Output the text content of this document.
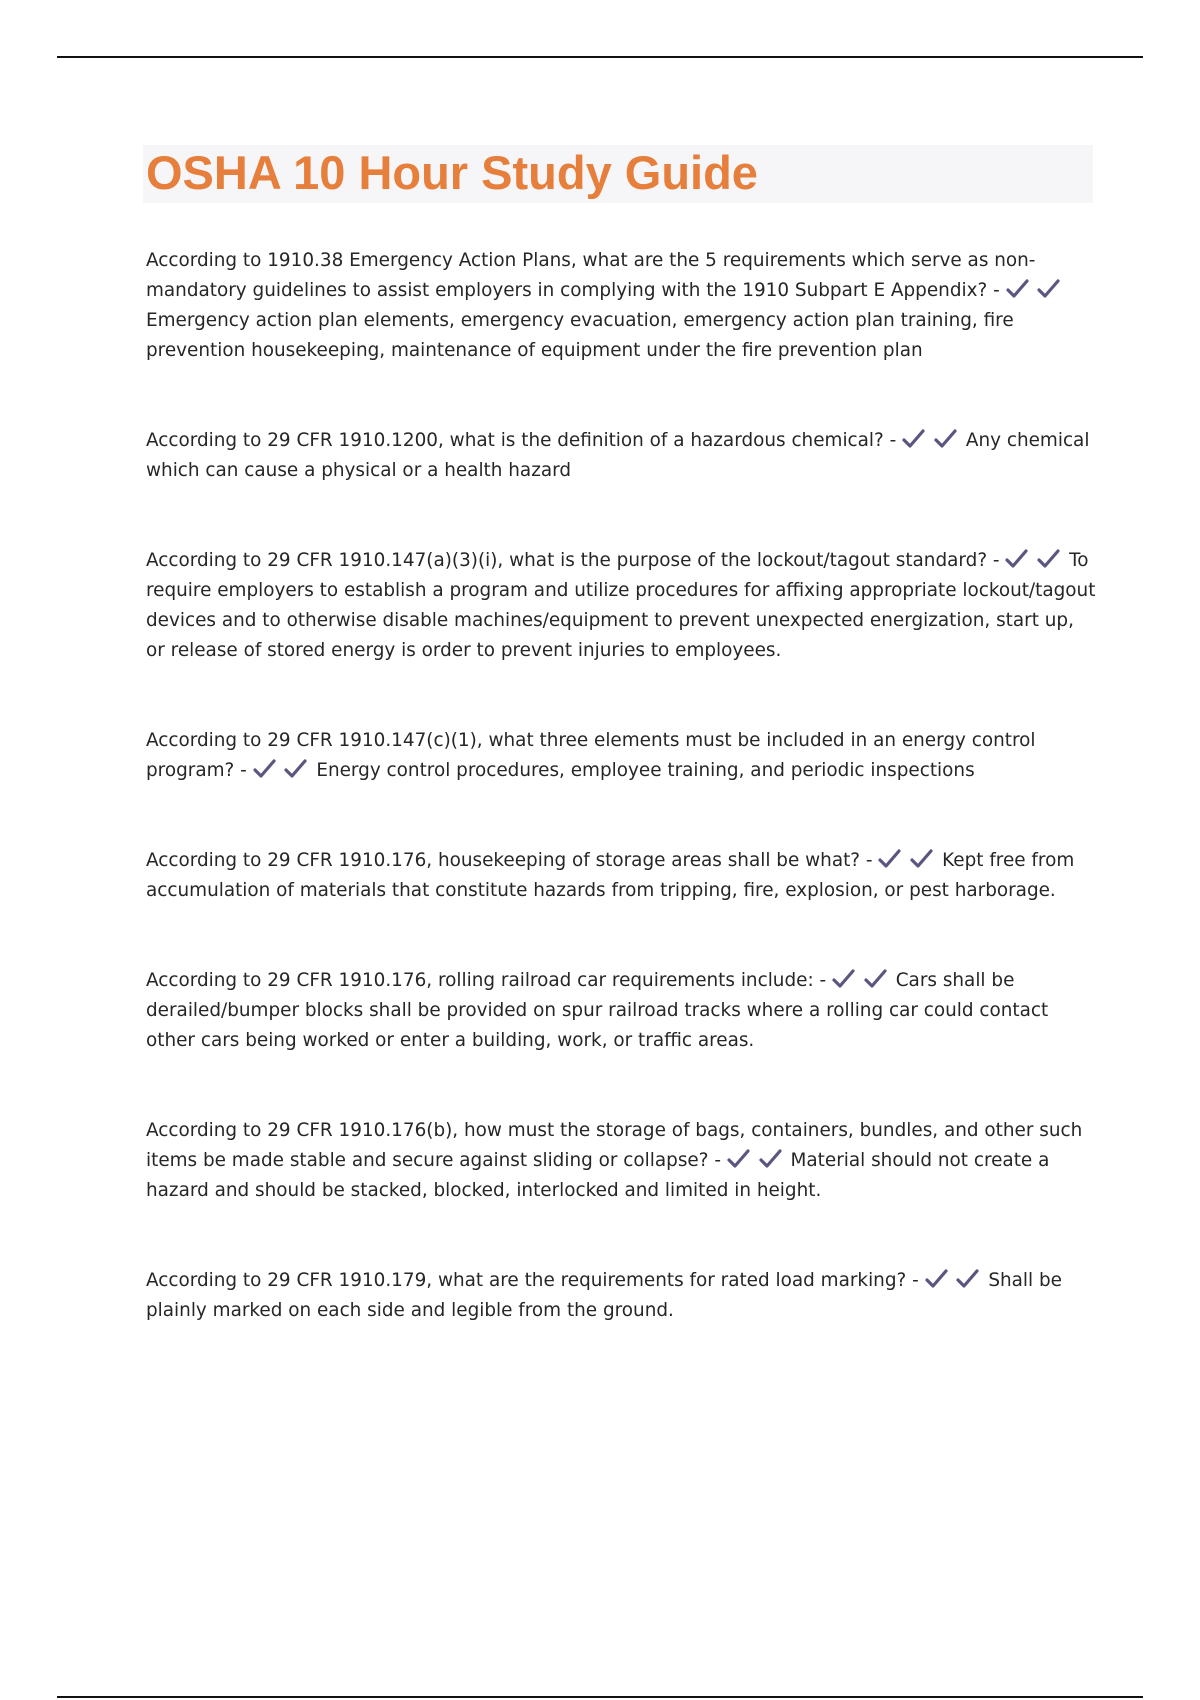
OSHA 10 Hour Study Guide

According to 1910.38 Emergency Action Plans, what are the 5 requirements which serve as non-mandatory guidelines to assist employers in complying with the 1910 Subpart E Appendix? -

Emergency action plan elements, emergency evacuation, emergency action plan training, fire prevention housekeeping, maintenance of equipment under the fire prevention plan

According to 29 CFR 1910.1200, what is the definition of a hazardous chemical? -
	Any chemical which can cause a physical or a health hazard

According to 29 CFR 1910.147(a)(3)(i), what is the purpose of the lockout/tagout standard? -
	To require employers to establish a program and utilize procedures for affixing appropriate lockout/tagout devices and to otherwise disable machines/equipment to prevent unexpected energization, start up, or release of stored energy is order to prevent injuries to employees.

According to 29 CFR 1910.147(c)(1), what three elements must be included in an energy control program? -
	Energy control procedures, employee training, and periodic inspections

According to 29 CFR 1910.176, housekeeping of storage areas shall be what? -
	Kept free from accumulation of materials that constitute hazards from tripping, fire, explosion, or pest harborage.

According to 29 CFR 1910.176, rolling railroad car requirements include: -
	Cars shall be derailed/bumper blocks shall be provided on spur railroad tracks where a rolling car could contact other cars being worked or enter a building, work, or traffic areas.

According to 29 CFR 1910.176(b), how must the storage of bags, containers, bundles, and other such items be made stable and secure against sliding or collapse? -
	Material should not create a hazard and should be stacked, blocked, interlocked and limited in height.

According to 29 CFR 1910.179, what are the requirements for rated load marking? -
	Shall be plainly marked on each side and legible from the ground.
